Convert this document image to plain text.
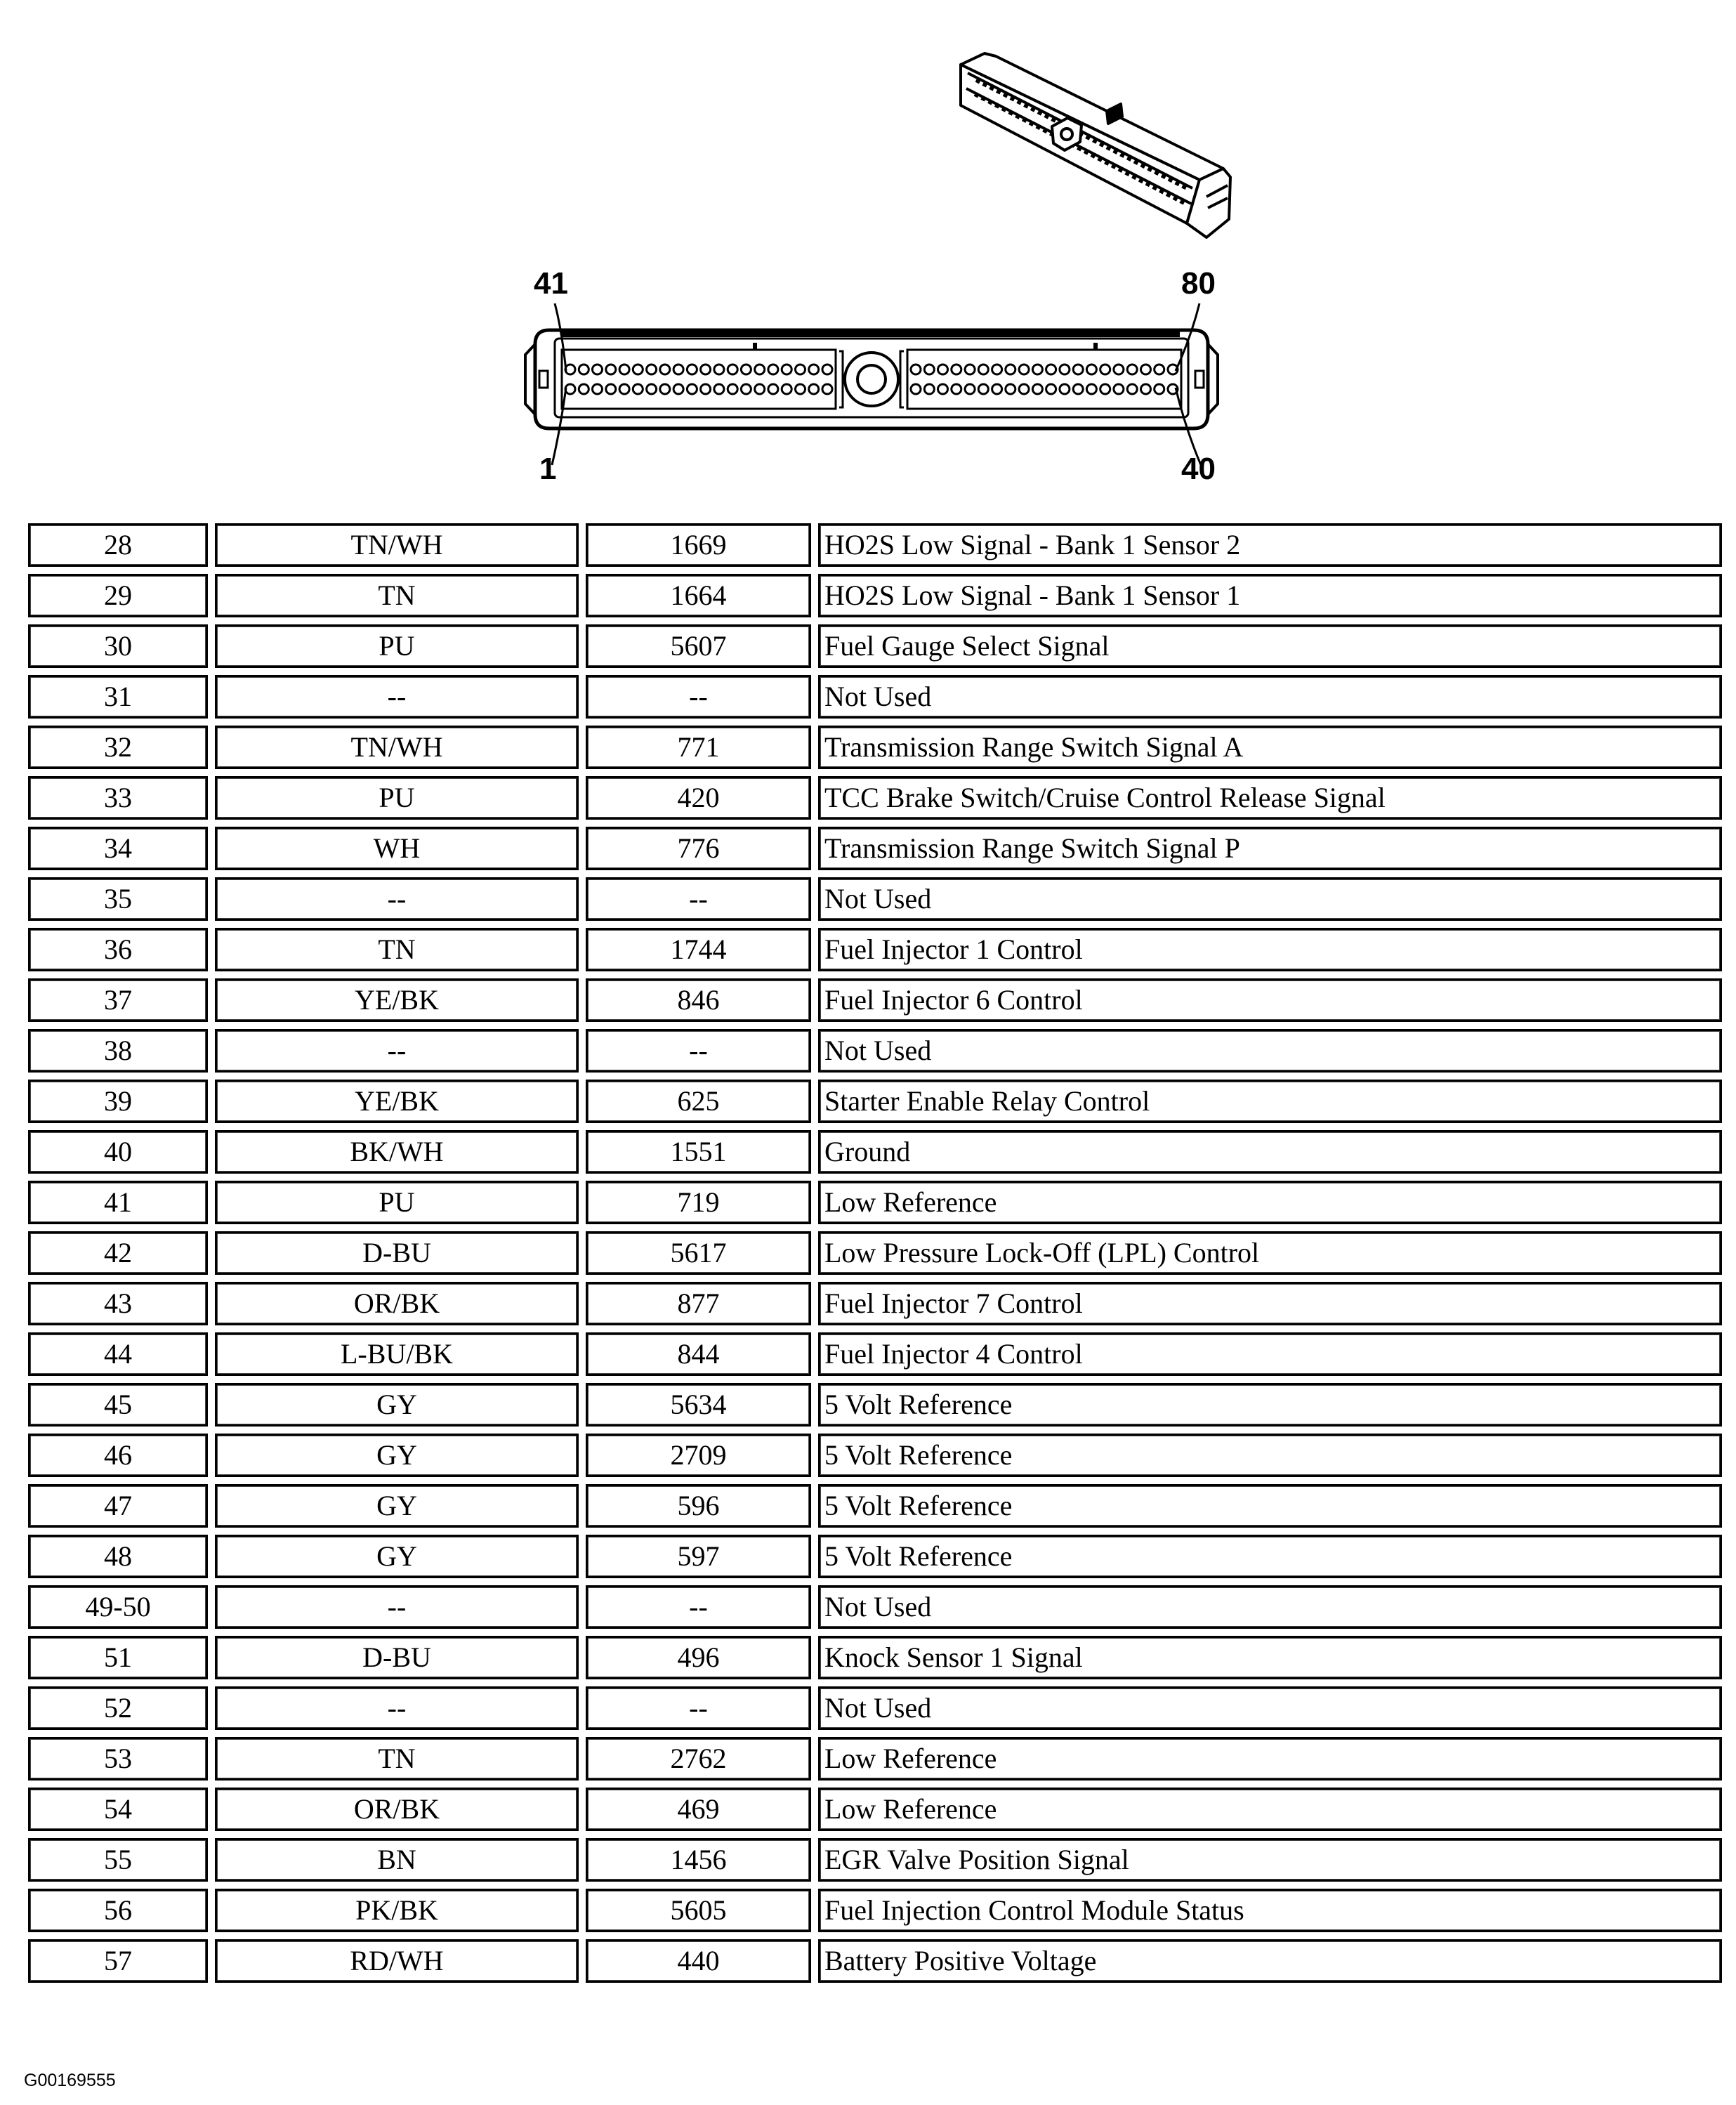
41	80
1	40
28	TN/WH	1669	HO2S Low Signal - Bank 1 Sensor 2
29	TN	1664	HO2S Low Signal - Bank 1 Sensor 1
30	PU	5607	Fuel Gauge Select Signal
31	--	--	Not Used
32	TN/WH	771	Transmission Range Switch Signal A
33	PU	420	TCC Brake Switch/Cruise Control Release Signal
34	WH	776	Transmission Range Switch Signal P
35	--	--	Not Used
36	TN	1744	Fuel Injector 1 Control
37	YE/BK	846	Fuel Injector 6 Control
38	--	--	Not Used
39	YE/BK	625	Starter Enable Relay Control
40	BK/WH	1551	Ground
41	PU	719	Low Reference
42	D-BU	5617	Low Pressure Lock-Off (LPL) Control
43	OR/BK	877	Fuel Injector 7 Control
44	L-BU/BK	844	Fuel Injector 4 Control
45	GY	5634	5 Volt Reference
46	GY	2709	5 Volt Reference
47	GY	596	5 Volt Reference
48	GY	597	5 Volt Reference
49-50	--	--	Not Used
51	D-BU	496	Knock Sensor 1 Signal
52	--	--	Not Used
53	TN	2762	Low Reference
54	OR/BK	469	Low Reference
55	BN	1456	EGR Valve Position Signal
56	PK/BK	5605	Fuel Injection Control Module Status
57	RD/WH	440	Battery Positive Voltage
G00169555
